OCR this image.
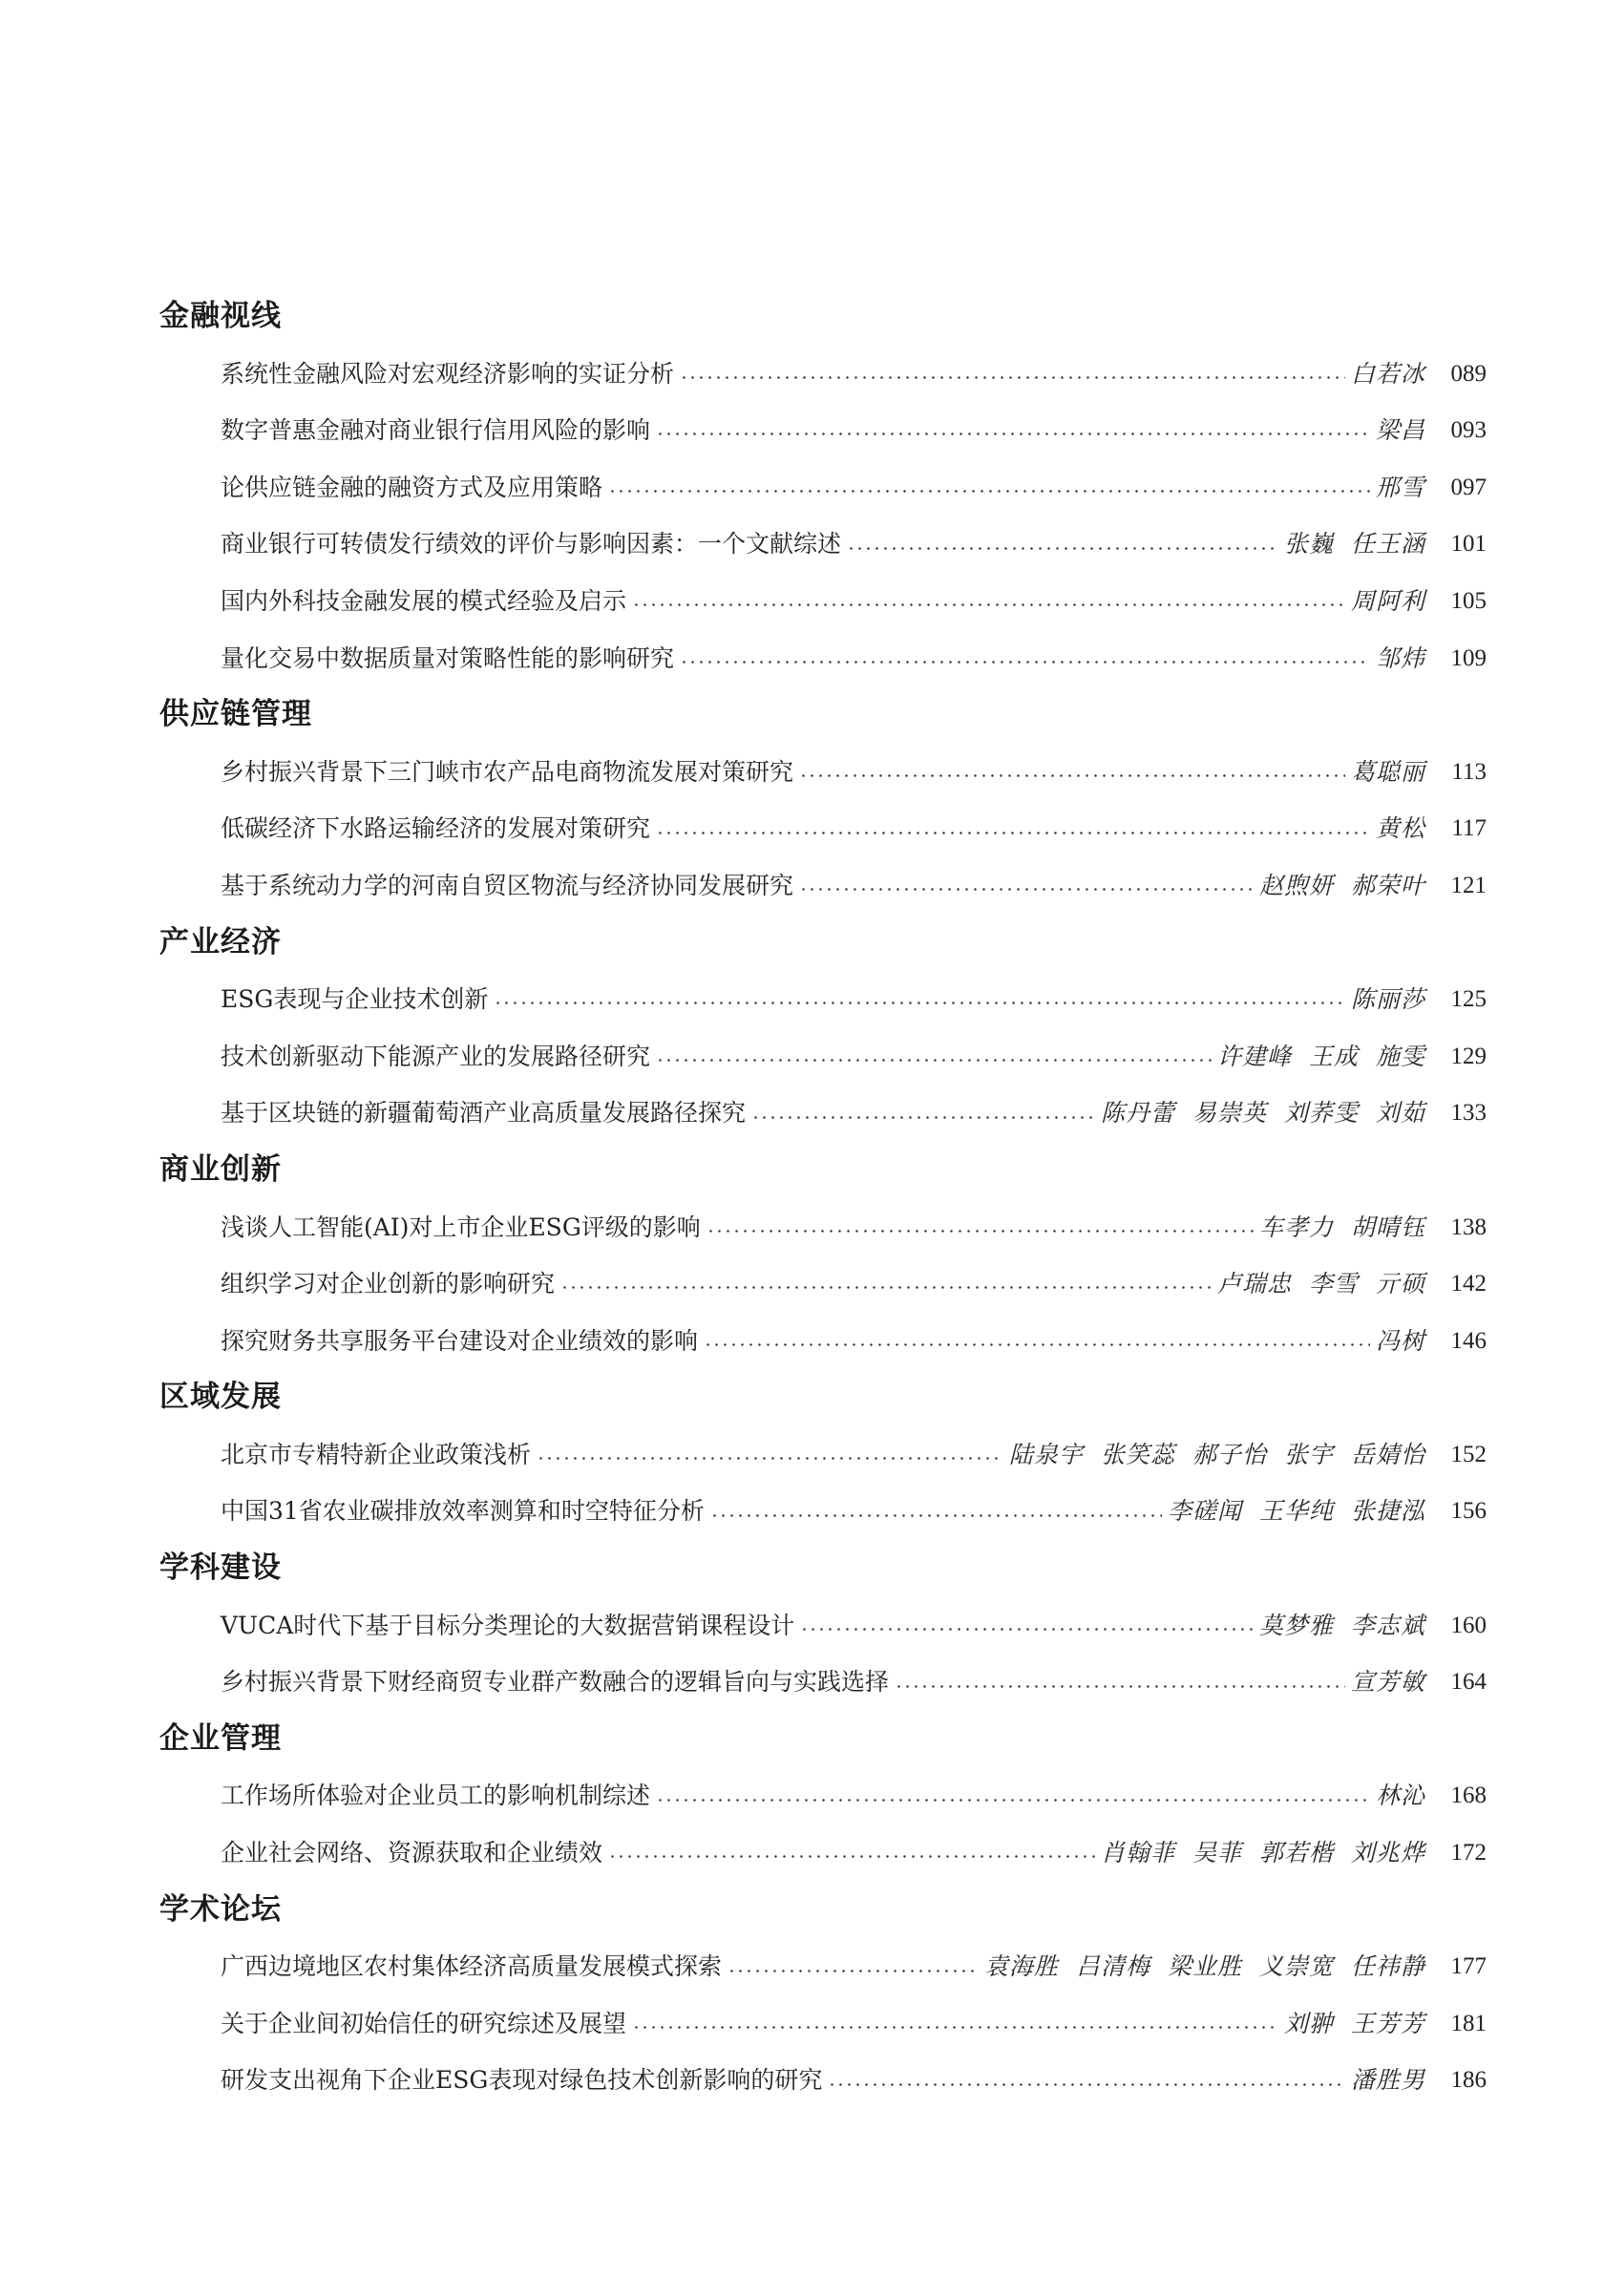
金融视线
系统性金融风险对宏观经济影响的实证分析	白若冰	089
数字普惠金融对商业银行信用风险的影响	梁昌	093
论供应链金融的融资方式及应用策略	邢雪	097
商业银行可转债发行绩效的评价与影响因素：一个文献综述	张巍 任王涵	101
国内外科技金融发展的模式经验及启示	周阿利	105
量化交易中数据质量对策略性能的影响研究	邹炜	109
供应链管理
乡村振兴背景下三门峡市农产品电商物流发展对策研究	葛聪丽	113
低碳经济下水路运输经济的发展对策研究	黄松	117
基于系统动力学的河南自贸区物流与经济协同发展研究	赵煦妍 郝荣叶	121
产业经济
ESG表现与企业技术创新	陈丽莎	125
技术创新驱动下能源产业的发展路径研究	许建峰 王成 施雯	129
基于区块链的新疆葡萄酒产业高质量发展路径探究	陈丹蕾 易崇英 刘荞雯 刘茹	133
商业创新
浅谈人工智能(AI)对上市企业ESG评级的影响	车孝力 胡晴钰	138
组织学习对企业创新的影响研究	卢瑞忠 李雪 亓硕	142
探究财务共享服务平台建设对企业绩效的影响	冯树	146
区域发展
北京市专精特新企业政策浅析	陆泉宇 张笑蕊 郝子怡 张宇 岳婧怡	152
中国31省农业碳排放效率测算和时空特征分析	李磋闻 王华纯 张捷泓	156
学科建设
VUCA时代下基于目标分类理论的大数据营销课程设计	莫梦雅 李志斌	160
乡村振兴背景下财经商贸专业群产数融合的逻辑旨向与实践选择	宣芳敏	164
企业管理
工作场所体验对企业员工的影响机制综述	林沁	168
企业社会网络、资源获取和企业绩效	肖翰菲 吴菲 郭若楷 刘兆烨	172
学术论坛
广西边境地区农村集体经济高质量发展模式探索	袁海胜 吕清梅 梁业胜 义崇宽 任祎静	177
关于企业间初始信任的研究综述及展望	刘翀 王芳芳	181
研发支出视角下企业ESG表现对绿色技术创新影响的研究	潘胜男	186
